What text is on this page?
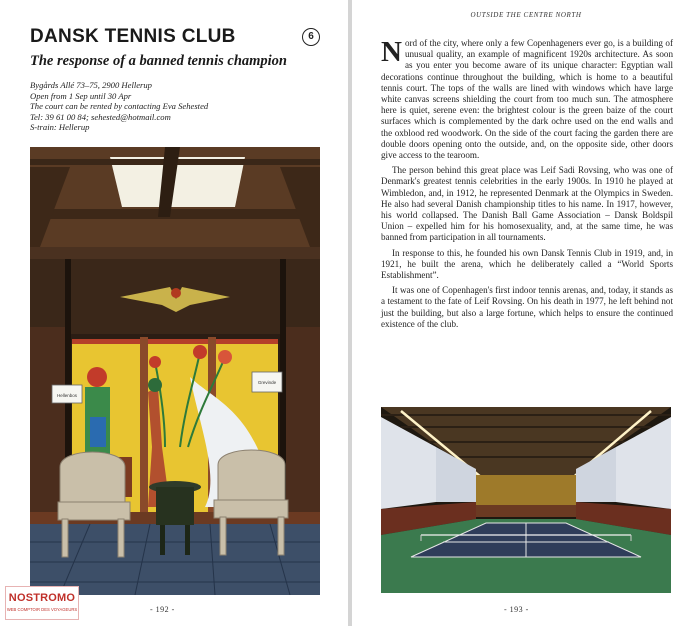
DANSK TENNIS CLUB	6
The response of a banned tennis champion
Bygårds Allé 73–75, 2900 Hellerup
Open from 1 Sep until 30 Apr
The court can be rented by contacting Eva Sehested
Tel: 39 61 00 84; sehested@hotmail.com
S-train: Hellerup
Hellenbos
Grevinde
- 192 -
NOSTROMO
WEB COMPTOIR DES VOYAGEURS
OUTSIDE THE CENTRE NORTH

Nord of the city, where only a few Copenhageners ever go, is a building of unusual quality, an example of magnificent 1920s architecture. As soon as you enter you become aware of its unique character: Egyptian wall decorations continue throughout the building, which is home to a beautiful tennis court. The tops of the walls are lined with windows which have large white canvas screens shielding the court from too much sun. The atmosphere here is quiet, serene even: the brightest colour is the green baize of the court surfaces which is complemented by the dark ochre used on the end walls and the oxblood red woodwork. On the side of the court facing the garden there are double doors opening onto the outside, and, on the opposite side, other doors give access to the tearoom.

The person behind this great place was Leif Sadi Rovsing, who was one of Denmark's greatest tennis celebrities in the early 1900s. In 1910 he played at Wimbledon, and, in 1912, he represented Denmark at the Olympics in Sweden. He also had several Danish championship titles to his name. In 1917, however, his world collapsed. The Danish Ball Game Association – Dansk Boldspil Union – expelled him for his homosexuality, and, at the same time, he was banned from participation in all tournaments.

In response to this, he founded his own Dansk Tennis Club in 1919, and, in 1921, he built the arena, which he deliberately called a “World Sports Establishment”.

It was one of Copenhagen's first indoor tennis arenas, and, today, it stands as a testament to the fate of Leif Rovsing. On his death in 1977, he left behind not just the building, but also a large fortune, which helps to ensure the continued existence of the club.

- 193 -
